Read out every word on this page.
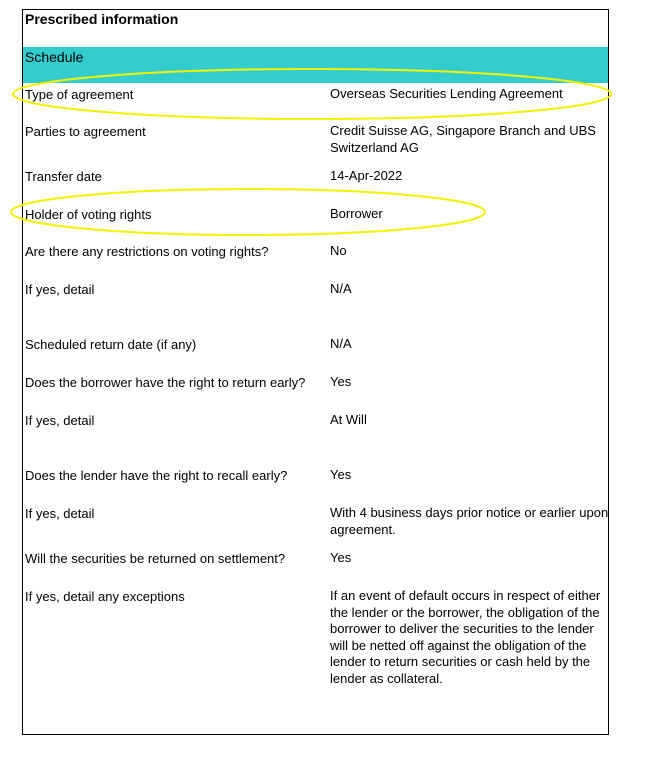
Prescribed information
Schedule
Type of agreement	Overseas Securities Lending Agreement
Parties to agreement	Credit Suisse AG, Singapore Branch and UBS Switzerland AG
Transfer date	14-Apr-2022
Holder of voting rights	Borrower
Are there any restrictions on voting rights?	No
If yes, detail	N/A
Scheduled return date (if any)	N/A
Does the borrower have the right to return early? Yes
If yes, detail	At Will
Does the lender have the right to recall early?	Yes
If yes, detail	With 4 business days prior notice or earlier upon agreement.
Will the securities be returned on settlement?	Yes
If yes, detail any exceptions	If an event of default occurs in respect of either the lender or the borrower, the obligation of the borrower to deliver the securities to the lender will be netted off against the obligation of the lender to return securities or cash held by the lender as collateral.
